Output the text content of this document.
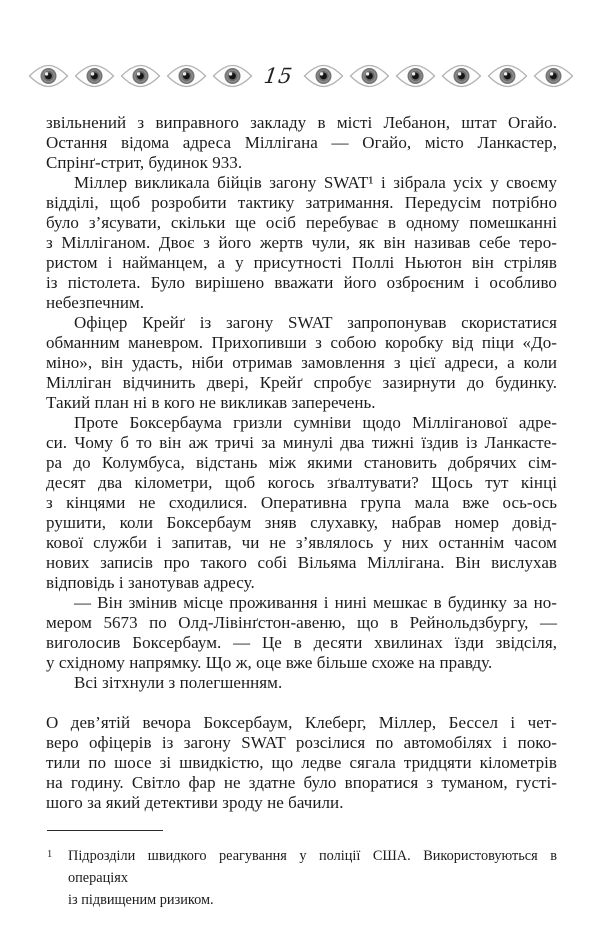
15

звільнений з виправного закладу в місті Лебанон, штат Огайо.
Остання відома адреса Міллігана — Огайо, місто Ланкастер,
Спрінґ-стрит, будинок 933.

Міллер викликала бійців загону SWAT¹ і зібрала усіх у своєму
відділі, щоб розробити тактику затримання. Передусім потрібно
було з’ясувати, скільки ще осіб перебуває в одному помешканні
з Мілліганом. Двоє з його жертв чули, як він називав себе теро-
ристом і найманцем, а у присутності Поллі Ньютон він стріляв
із пістолета. Було вирішено вважати його озброєним і особливо
небезпечним.

Офіцер Крейґ із загону SWAT запропонував скористатися
обманним маневром. Прихопивши з собою коробку від піци «До-
міно», він удасть, ніби отримав замовлення з цієї адреси, а коли
Мілліган відчинить двері, Крейґ спробує зазирнути до будинку.
Такий план ні в кого не викликав заперечень.

Проте Боксербаума гризли сумніви щодо Мілліганової адре-
си. Чому б то він аж тричі за минулі два тижні їздив із Ланкасте-
ра до Колумбуса, відстань між якими становить добрячих сім-
десят два кілометри, щоб когось зґвалтувати? Щось тут кінці
з кінцями не сходилися. Оперативна група мала вже ось-ось
рушити, коли Боксербаум зняв слухавку, набрав номер довід-
кової служби і запитав, чи не з’являлось у них останнім часом
нових записів про такого собі Вільяма Міллігана. Він вислухав
відповідь і занотував адресу.

— Він змінив місце проживання і нині мешкає в будинку за но-
мером 5673 по Олд-Лівінґстон-авеню, що в Рейнольдзбургу, —
виголосив Боксербаум. — Це в десяти хвилинах їзди звідсіля,
у східному напрямку. Що ж, оце вже більше схоже на правду.

Всі зітхнули з полегшенням.

О дев’ятій вечора Боксербаум, Клеберг, Міллер, Бессел і чет-
веро офіцерів із загону SWAT розсілися по автомобілях і поко-
тили по шосе зі швидкістю, що ледве сягала тридцяти кілометрів
на годину. Світло фар не здатне було впоратися з туманом, густі-
шого за який детективи зроду не бачили.

1 Підрозділи швидкого реагування у поліції США. Використовуються в операціях
із підвищеним ризиком.
